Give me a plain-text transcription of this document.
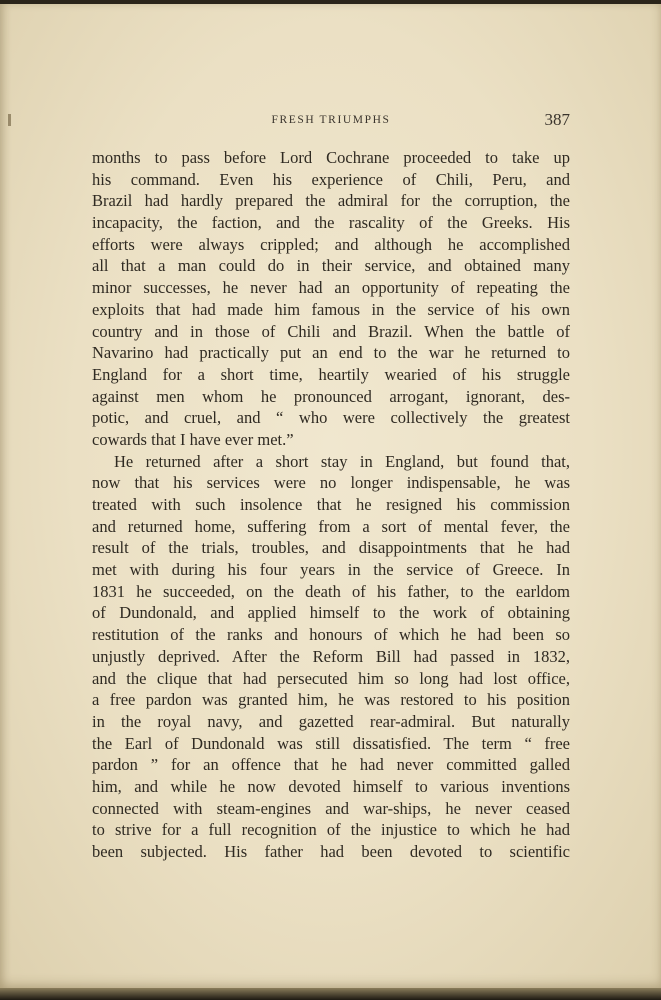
FRESH TRIUMPHS	387
months to pass before Lord Cochrane proceeded to take up
his command. Even his experience of Chili, Peru, and
Brazil had hardly prepared the admiral for the corruption, the
incapacity, the faction, and the rascality of the Greeks. His
efforts were always crippled; and although he accomplished
all that a man could do in their service, and obtained many
minor successes, he never had an opportunity of repeating the
exploits that had made him famous in the service of his own
country and in those of Chili and Brazil. When the battle of
Navarino had practically put an end to the war he returned to
England for a short time, heartily wearied of his struggle
against men whom he pronounced arrogant, ignorant, des-
potic, and cruel, and “ who were collectively the greatest
cowards that I have ever met.”
He returned after a short stay in England, but found that,
now that his services were no longer indispensable, he was
treated with such insolence that he resigned his commission
and returned home, suffering from a sort of mental fever, the
result of the trials, troubles, and disappointments that he had
met with during his four years in the service of Greece. In
1831 he succeeded, on the death of his father, to the earldom
of Dundonald, and applied himself to the work of obtaining
restitution of the ranks and honours of which he had been so
unjustly deprived. After the Reform Bill had passed in 1832,
and the clique that had persecuted him so long had lost office,
a free pardon was granted him, he was restored to his position
in the royal navy, and gazetted rear-admiral. But naturally
the Earl of Dundonald was still dissatisfied. The term “ free
pardon ” for an offence that he had never committed galled
him, and while he now devoted himself to various inventions
connected with steam-engines and war-ships, he never ceased
to strive for a full recognition of the injustice to which he had
been subjected. His father had been devoted to scientific
